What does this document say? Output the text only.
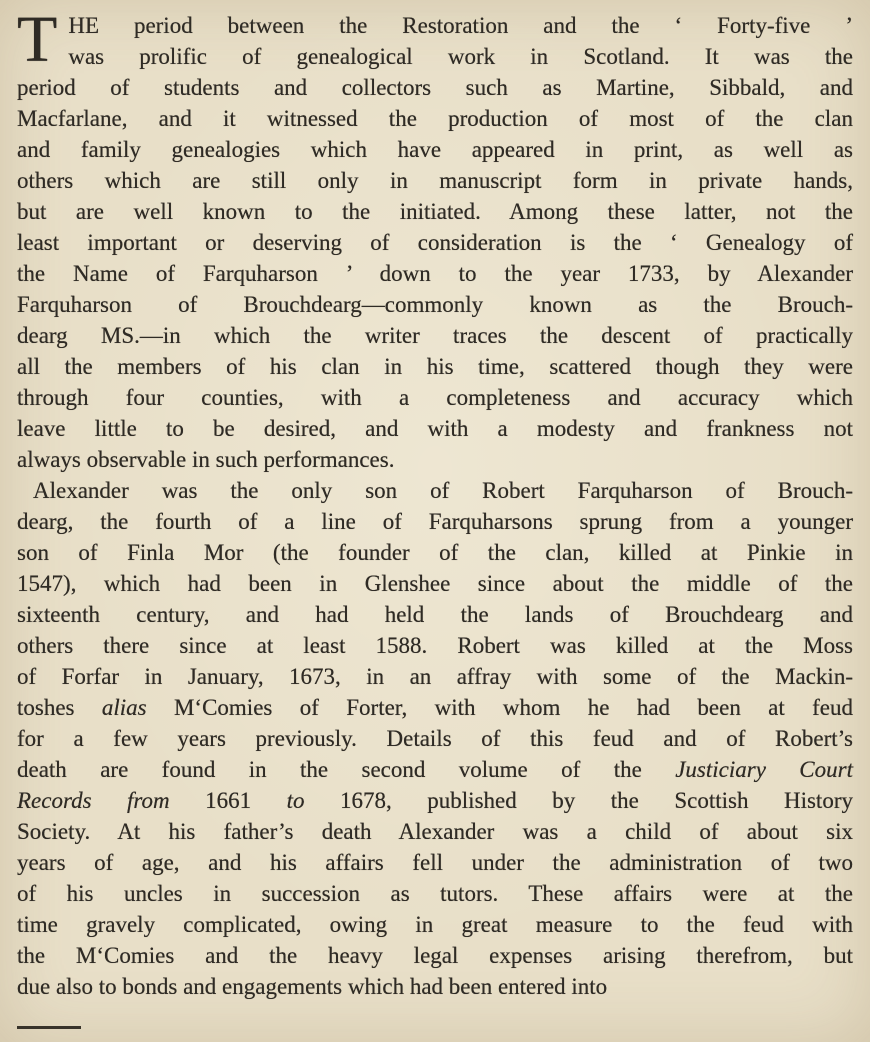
T HE period between the Restoration and the ‘ Forty-five ’
was prolific of genealogical work in Scotland. It was the
period of students and collectors such as Martine, Sibbald, and
Macfarlane, and it witnessed the production of most of the clan
and family genealogies which have appeared in print, as well as
others which are still only in manuscript form in private hands,
but are well known to the initiated. Among these latter, not the
least important or deserving of consideration is the ‘ Genealogy of
the Name of Farquharson ’ down to the year 1733, by Alexander
Farquharson of Brouchdearg—commonly known as the Brouch-
dearg MS.—in which the writer traces the descent of practically
all the members of his clan in his time, scattered though they were
through four counties, with a completeness and accuracy which
leave little to be desired, and with a modesty and frankness not
always observable in such performances.
Alexander was the only son of Robert Farquharson of Brouch-
dearg, the fourth of a line of Farquharsons sprung from a younger
son of Finla Mor (the founder of the clan, killed at Pinkie in
1547), which had been in Glenshee since about the middle of the
sixteenth century, and had held the lands of Brouchdearg and
others there since at least 1588. Robert was killed at the Moss
of Forfar in January, 1673, in an affray with some of the Mackin-
toshes alias M‘Comies of Forter, with whom he had been at feud
for a few years previously. Details of this feud and of Robert’s
death are found in the second volume of the Justiciary Court
Records from 1661 to 1678, published by the Scottish History
Society. At his father’s death Alexander was a child of about six
years of age, and his affairs fell under the administration of two
of his uncles in succession as tutors. These affairs were at the
time gravely complicated, owing in great measure to the feud with
the M‘Comies and the heavy legal expenses arising therefrom, but
due also to bonds and engagements which had been entered into
